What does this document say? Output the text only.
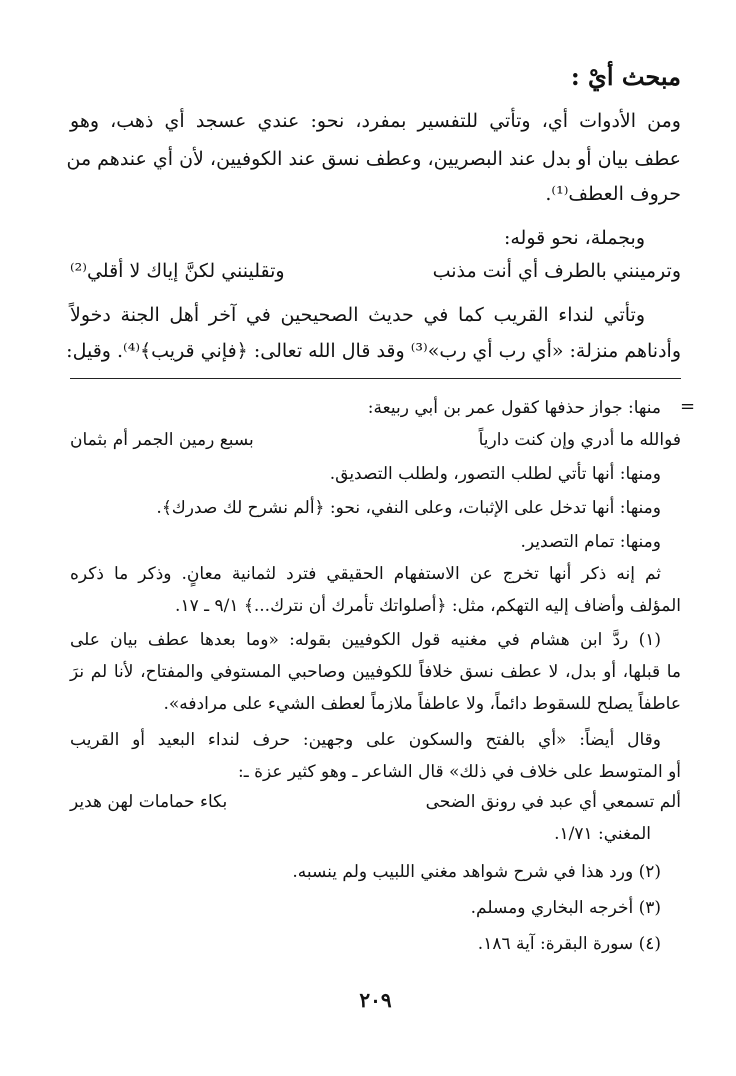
مبحث أيْ :
ومن الأدوات أي، وتأتي للتفسير بمفرد، نحو: عندي عسجد أي ذهب، وهو
عطف بيان أو بدل عند البصريين، وعطف نسق عند الكوفيين، لأن أي عندهم من
حروف العطف⁽¹⁾.
وبجملة، نحو قوله:
وترمينني بالطرف أي أنت مذنب
وتقلينني لكنَّ إياك لا أقلي⁽²⁾
وتأتي لنداء القريب كما في حديث الصحيحين في آخر أهل الجنة دخولاً
وأدناهم منزلة: «أي رب أي رب»⁽³⁾ وقد قال الله تعالى: ﴿فإني قريب﴾⁽⁴⁾. وقيل:
منها: جواز حذفها كقول عمر بن أبي ربيعة:
فوالله ما أدري وإن كنت دارياً
بسبع رمين الجمر أم بثمان
ومنها: أنها تأتي لطلب التصور، ولطلب التصديق.
ومنها: أنها تدخل على الإثبات، وعلى النفي، نحو: ﴿ألم نشرح لك صدرك﴾.
ومنها: تمام التصدير.
ثم إنه ذكر أنها تخرج عن الاستفهام الحقيقي فترد لثمانية معانٍ. وذكر ما ذكره
المؤلف وأضاف إليه التهكم، مثل: ﴿أصلواتك تأمرك أن نترك...﴾ ٩/١ ـ ١٧.
(١) ردَّ ابن هشام في مغنيه قول الكوفيين بقوله: «وما بعدها عطف بيان على
ما قبلها، أو بدل، لا عطف نسق خلافاً للكوفيين وصاحبي المستوفي والمفتاح، لأنا لم نرَ
عاطفاً يصلح للسقوط دائماً، ولا عاطفاً ملازماً لعطف الشيء على مرادفه».
وقال أيضاً: «أي بالفتح والسكون على وجهين: حرف لنداء البعيد أو القريب
أو المتوسط على خلاف في ذلك» قال الشاعر ـ وهو كثير عزة ـ:
ألم تسمعي أي عبد في رونق الضحى
بكاء حمامات لهن هدير
المغني: ١/٧١.
(٢) ورد هذا في شرح شواهد مغني اللبيب ولم ينسبه.
(٣) أخرجه البخاري ومسلم.
(٤) سورة البقرة: آية ١٨٦.
٢٠٩
=
